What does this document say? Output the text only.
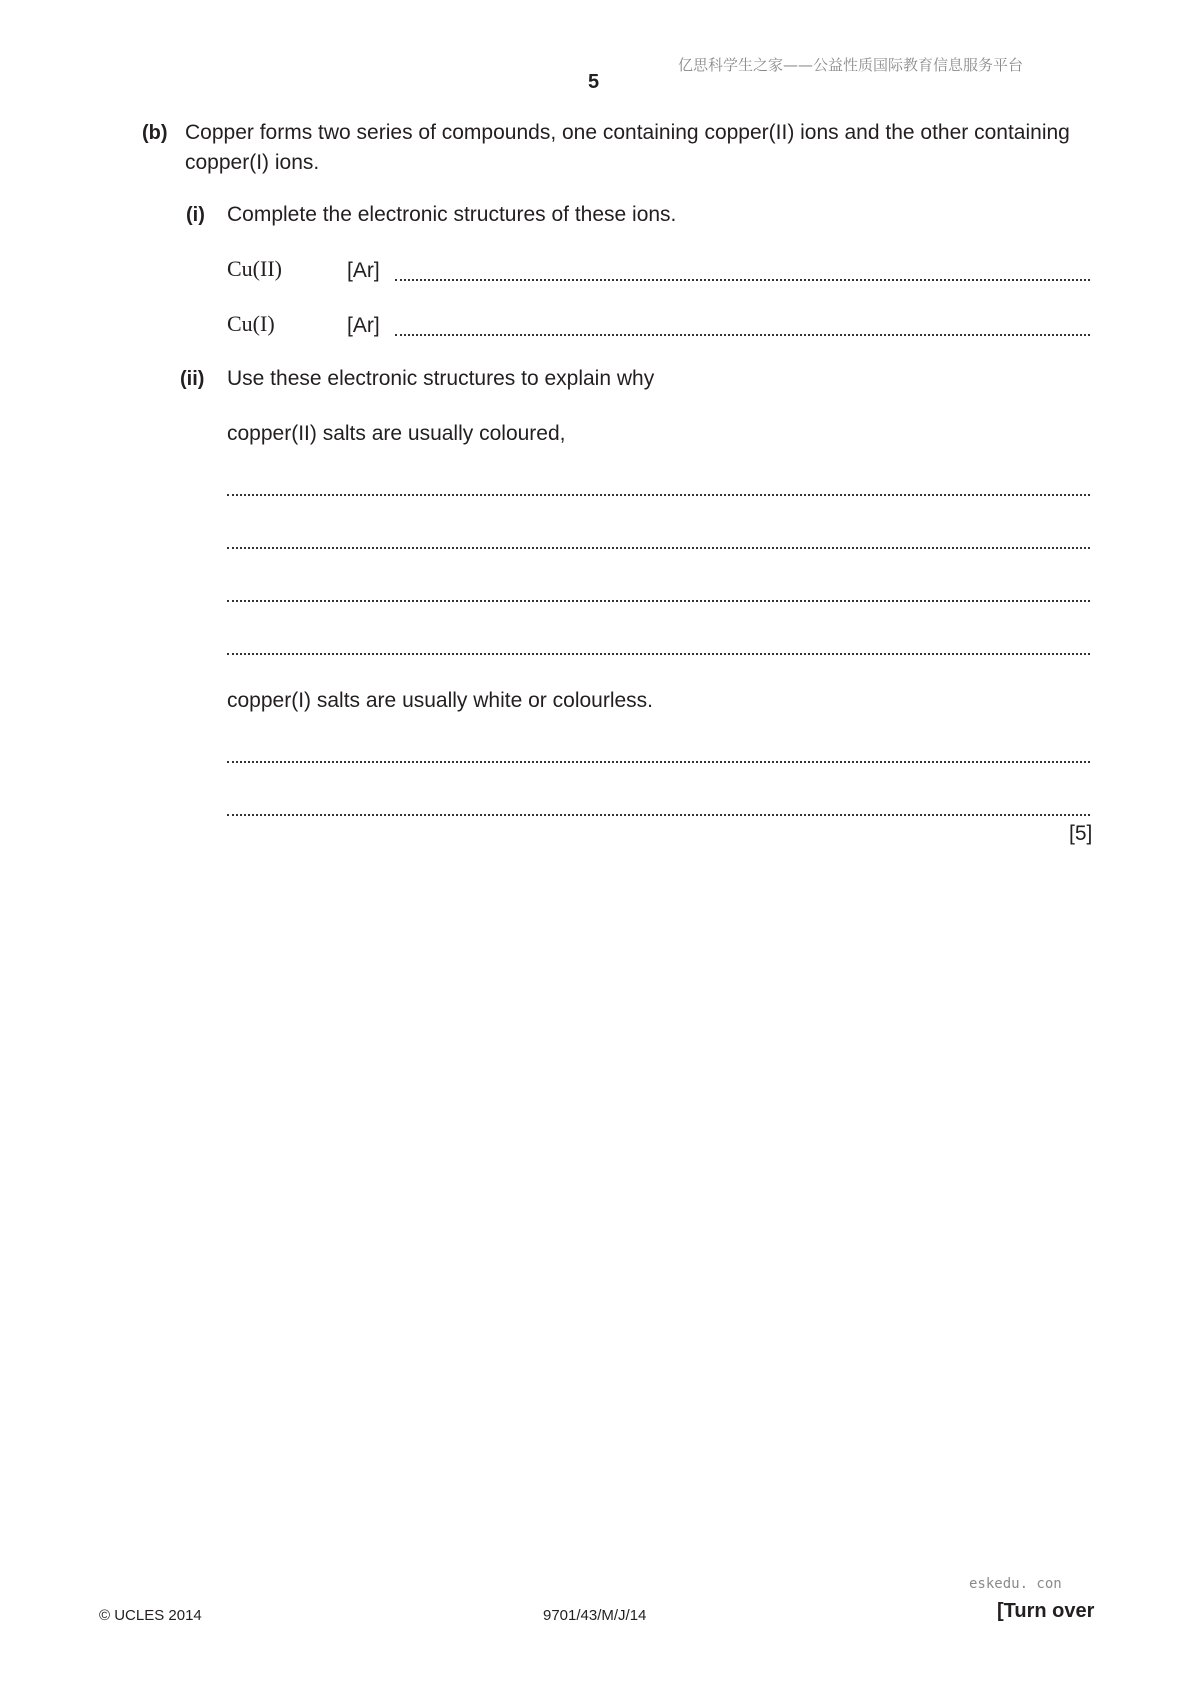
亿思科学生之家——公益性质国际教育信息服务平台
5
(b) Copper forms two series of compounds, one containing copper(II) ions and the other containing
copper(I) ions.
(i) Complete the electronic structures of these ions.
Cu(II)	[Ar]
Cu(I)	[Ar]
(ii) Use these electronic structures to explain why
copper(II) salts are usually coloured,
copper(I) salts are usually white or colourless.
[5]
eskedu. con
© UCLES 2014	9701/43/M/J/14	[Turn over
